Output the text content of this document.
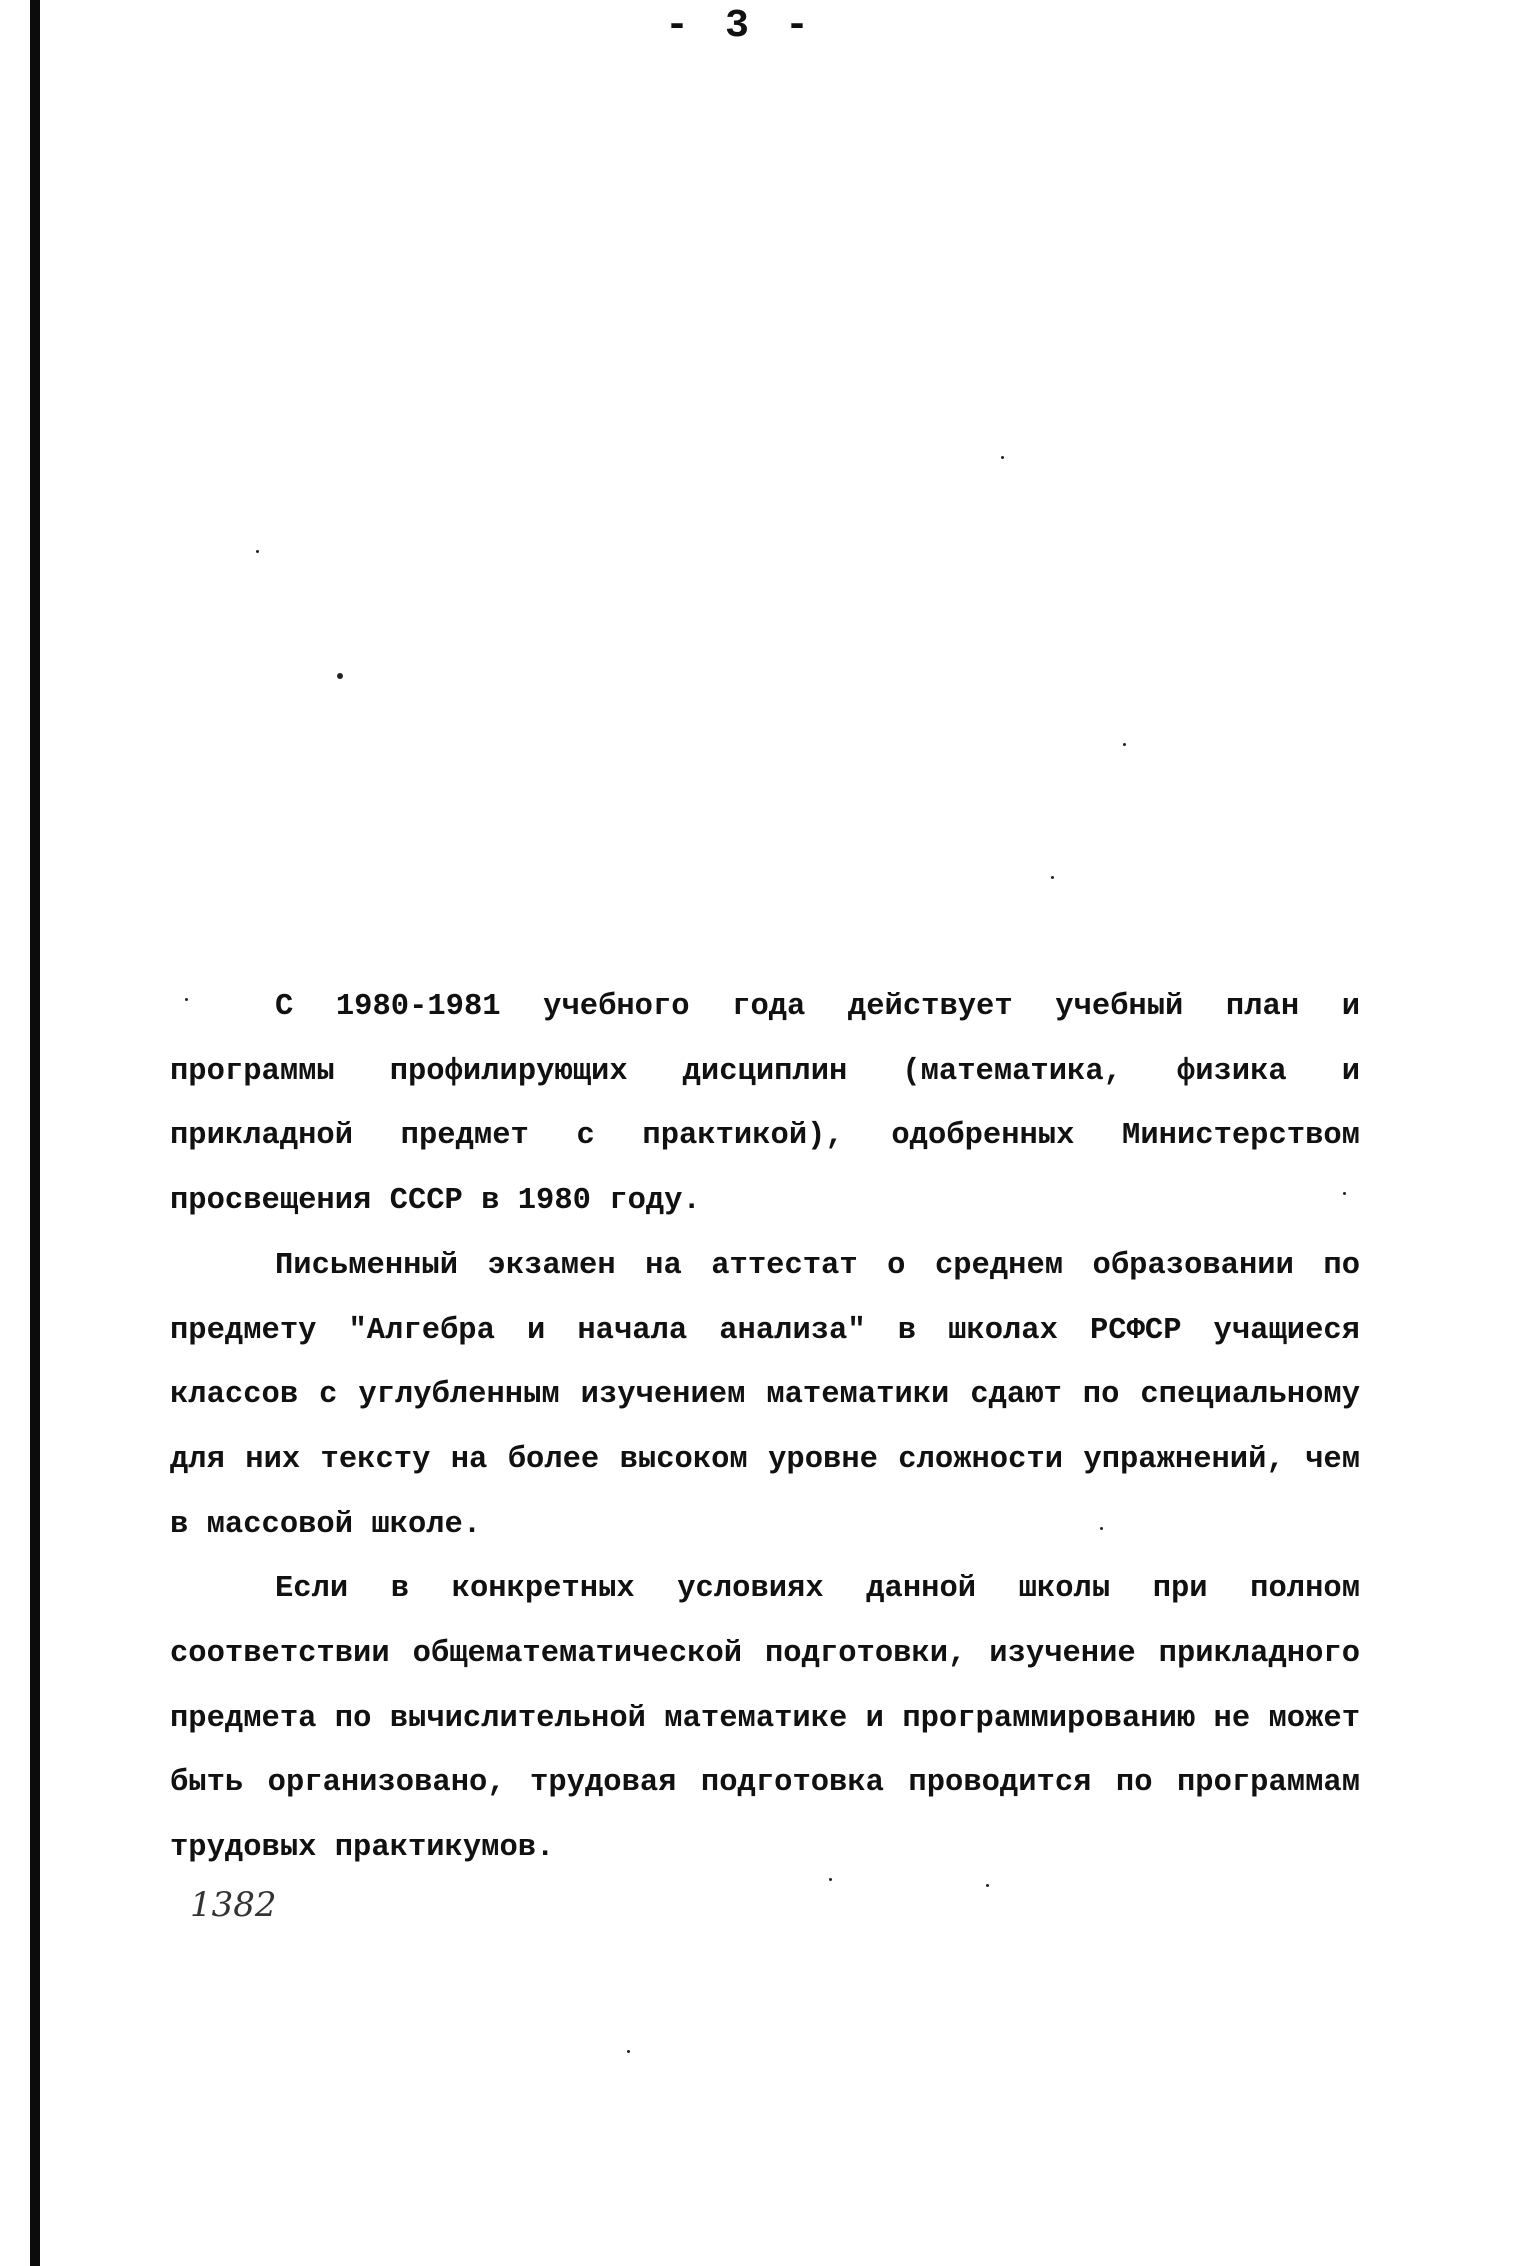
- 3 -

С 1980-1981 учебного года действует учебный план и программы профилирующих дисциплин (математика, физика и прикладной предмет с практикой), одобренных Министерством просвещения СССР в 1980 году.

Письменный экзамен на аттестат о среднем образовании по предмету "Алгебра и начала анализа" в школах РСФСР учащиеся классов с углубленным изучением математики сдают по специальному для них тексту на более высоком уровне сложности упражнений, чем в массовой школе.

Если в конкретных условиях данной школы при полном соответствии общематематической подготовки, изучение прикладного предмета по вычислительной математике и программированию не может быть организовано, трудовая подготовка проводится по программам трудовых практикумов.

1382
